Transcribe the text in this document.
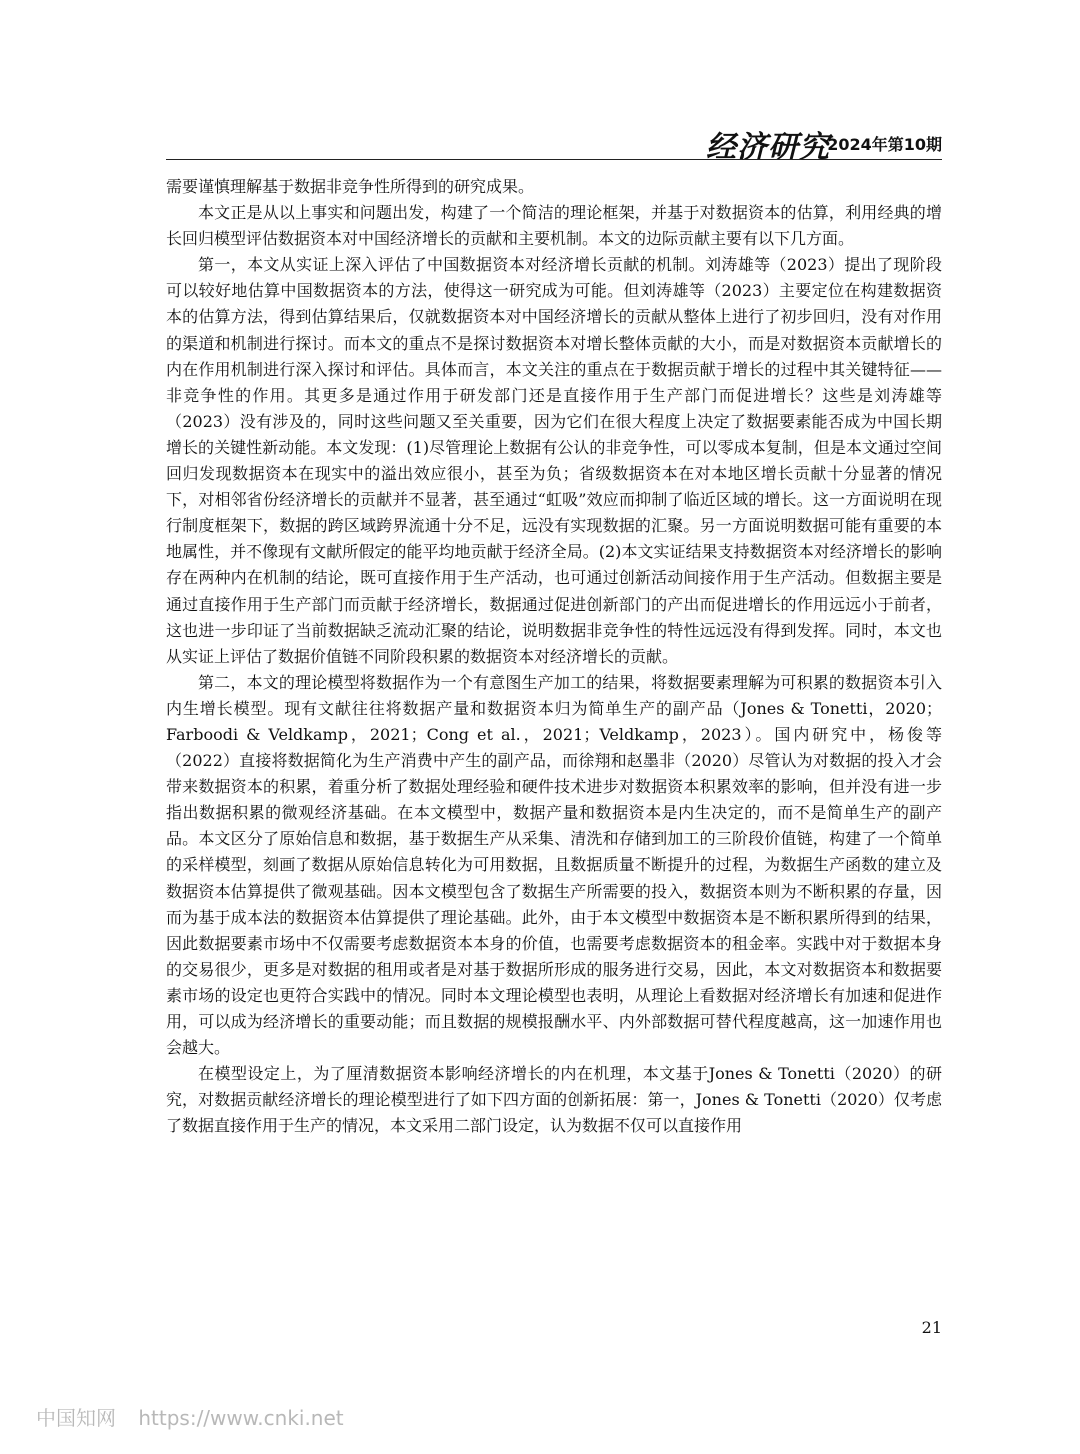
经济研究
2024年第10期

需要谨慎理解基于数据非竞争性所得到的研究成果。

本文正是从以上事实和问题出发，构建了一个简洁的理论框架，并基于对数据资本的估算，利用经典的增长回归模型评估数据资本对中国经济增长的贡献和主要机制。本文的边际贡献主要有以下几方面。

第一，本文从实证上深入评估了中国数据资本对经济增长贡献的机制。刘涛雄等（2023）提出了现阶段可以较好地估算中国数据资本的方法，使得这一研究成为可能。但刘涛雄等（2023）主要定位在构建数据资本的估算方法，得到估算结果后，仅就数据资本对中国经济增长的贡献从整体上进行了初步回归，没有对作用的渠道和机制进行探讨。而本文的重点不是探讨数据资本对增长整体贡献的大小，而是对数据资本贡献增长的内在作用机制进行深入探讨和评估。具体而言，本文关注的重点在于数据贡献于增长的过程中其关键特征——非竞争性的作用。其更多是通过作用于研发部门还是直接作用于生产部门而促进增长？这些是刘涛雄等（2023）没有涉及的，同时这些问题又至关重要，因为它们在很大程度上决定了数据要素能否成为中国长期增长的关键性新动能。本文发现：(1)尽管理论上数据有公认的非竞争性，可以零成本复制，但是本文通过空间回归发现数据资本在现实中的溢出效应很小，甚至为负；省级数据资本在对本地区增长贡献十分显著的情况下，对相邻省份经济增长的贡献并不显著，甚至通过“虹吸”效应而抑制了临近区域的增长。这一方面说明在现行制度框架下，数据的跨区域跨界流通十分不足，远没有实现数据的汇聚。另一方面说明数据可能有重要的本地属性，并不像现有文献所假定的能平均地贡献于经济全局。(2)本文实证结果支持数据资本对经济增长的影响存在两种内在机制的结论，既可直接作用于生产活动，也可通过创新活动间接作用于生产活动。但数据主要是通过直接作用于生产部门而贡献于经济增长，数据通过促进创新部门的产出而促进增长的作用远远小于前者，这也进一步印证了当前数据缺乏流动汇聚的结论，说明数据非竞争性的特性远远没有得到发挥。同时，本文也从实证上评估了数据价值链不同阶段积累的数据资本对经济增长的贡献。

第二，本文的理论模型将数据作为一个有意图生产加工的结果，将数据要素理解为可积累的数据资本引入内生增长模型。现有文献往往将数据产量和数据资本归为简单生产的副产品（Jones & Tonetti，2020；Farboodi & Veldkamp，2021；Cong et al.，2021；Veldkamp，2023）。国内研究中，杨俊等（2022）直接将数据简化为生产消费中产生的副产品，而徐翔和赵墨非（2020）尽管认为对数据的投入才会带来数据资本的积累，着重分析了数据处理经验和硬件技术进步对数据资本积累效率的影响，但并没有进一步指出数据积累的微观经济基础。在本文模型中，数据产量和数据资本是内生决定的，而不是简单生产的副产品。本文区分了原始信息和数据，基于数据生产从采集、清洗和存储到加工的三阶段价值链，构建了一个简单的采样模型，刻画了数据从原始信息转化为可用数据，且数据质量不断提升的过程，为数据生产函数的建立及数据资本估算提供了微观基础。因本文模型包含了数据生产所需要的投入，数据资本则为不断积累的存量，因而为基于成本法的数据资本估算提供了理论基础。此外，由于本文模型中数据资本是不断积累所得到的结果，因此数据要素市场中不仅需要考虑数据资本本身的价值，也需要考虑数据资本的租金率。实践中对于数据本身的交易很少，更多是对数据的租用或者是对基于数据所形成的服务进行交易，因此，本文对数据资本和数据要素市场的设定也更符合实践中的情况。同时本文理论模型也表明，从理论上看数据对经济增长有加速和促进作用，可以成为经济增长的重要动能；而且数据的规模报酬水平、内外部数据可替代程度越高，这一加速作用也会越大。

在模型设定上，为了厘清数据资本影响经济增长的内在机理，本文基于Jones & Tonetti（2020）的研究，对数据贡献经济增长的理论模型进行了如下四方面的创新拓展：第一，Jones & Tonetti（2020）仅考虑了数据直接作用于生产的情况，本文采用二部门设定，认为数据不仅可以直接作用

21
中国知网 https://www.cnki.net
